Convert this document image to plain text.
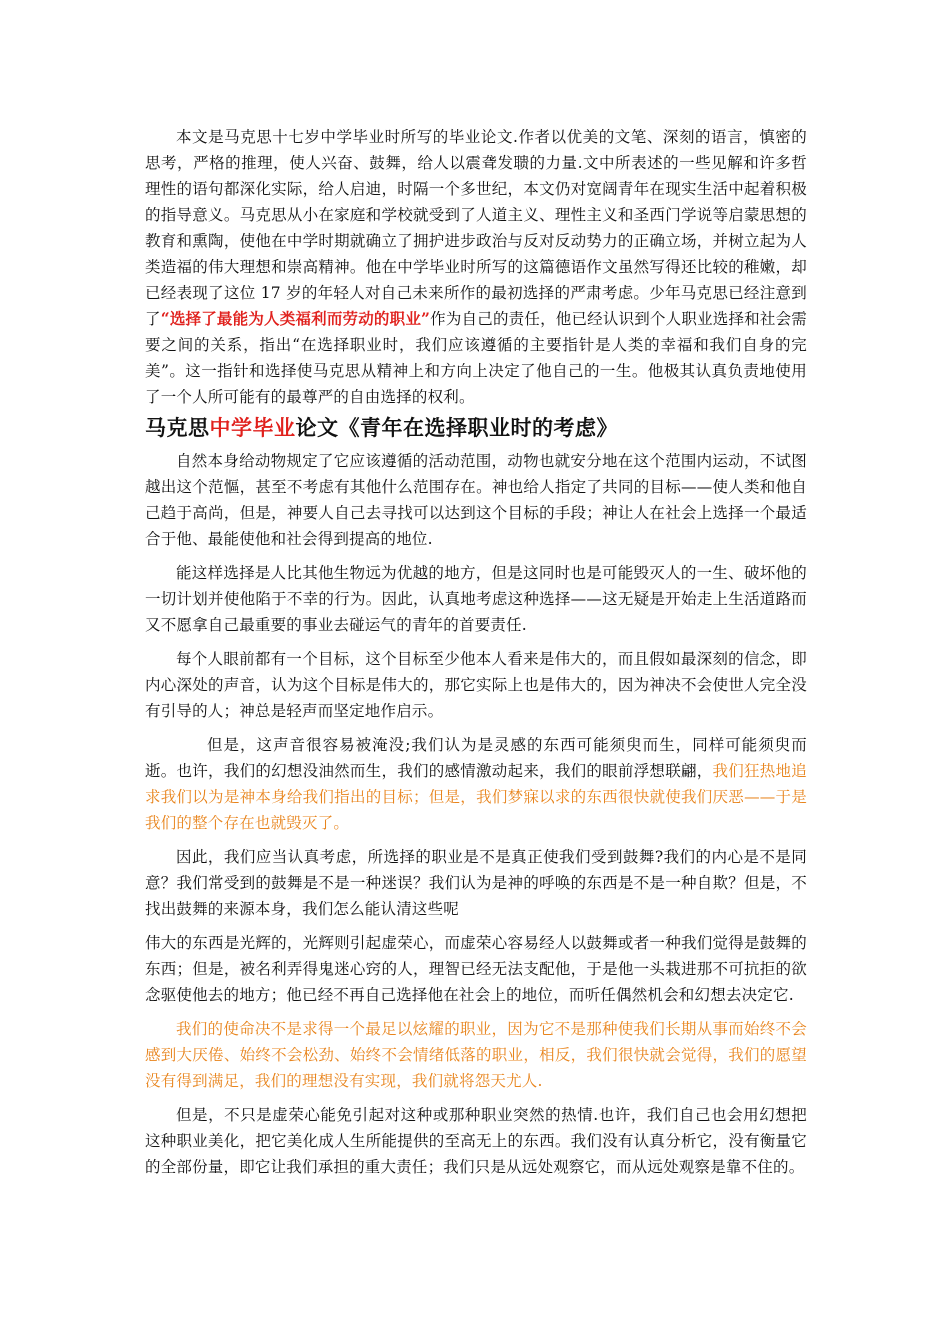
本文是马克思十七岁中学毕业时所写的毕业论文.作者以优美的文笔、深刻的语言，慎密的思考，严格的推理，使人兴奋、鼓舞，给人以震聋发聩的力量.文中所表述的一些见解和许多哲理性的语句都深化实际，给人启迪，时隔一个多世纪，本文仍对宽阔青年在现实生活中起着积极的指导意义。马克思从小在家庭和学校就受到了人道主义、理性主义和圣西门学说等启蒙思想的教育和熏陶，使他在中学时期就确立了拥护进步政治与反对反动势力的正确立场，并树立起为人类造福的伟大理想和崇高精神。他在中学毕业时所写的这篇德语作文虽然写得还比较的稚嫩，却已经表现了这位 17 岁的年轻人对自己未来所作的最初选择的严肃考虑。少年马克思已经注意到了“选择了最能为人类福利而劳动的职业”作为自己的责任，他已经认识到个人职业选择和社会需要之间的关系，指出“在选择职业时，我们应该遵循的主要指针是人类的幸福和我们自身的完美”。这一指针和选择使马克思从精神上和方向上决定了他自己的一生。他极其认真负责地使用了一个人所可能有的最尊严的自由选择的权利。

马克思中学毕业论文《青年在选择职业时的考虑》

自然本身给动物规定了它应该遵循的活动范围，动物也就安分地在这个范围内运动，不试图越出这个范慪，甚至不考虑有其他什么范围存在。神也给人指定了共同的目标——使人类和他自己趋于高尚，但是，神要人自己去寻找可以达到这个目标的手段；神让人在社会上选择一个最适合于他、最能使他和社会得到提高的地位.

能这样选择是人比其他生物远为优越的地方，但是这同时也是可能毁灭人的一生、破坏他的一切计划并使他陷于不幸的行为。因此，认真地考虑这种选择——这无疑是开始走上生活道路而又不愿拿自己最重要的事业去碰运气的青年的首要责任.

每个人眼前都有一个目标，这个目标至少他本人看来是伟大的，而且假如最深刻的信念，即内心深处的声音，认为这个目标是伟大的，那它实际上也是伟大的，因为神决不会使世人完全没有引导的人；神总是轻声而坚定地作启示。

但是，这声音很容易被淹没;我们认为是灵感的东西可能须臾而生，同样可能须臾而逝。也许，我们的幻想没油然而生，我们的感情激动起来，我们的眼前浮想联翩，我们狂热地追求我们以为是神本身给我们指出的目标；但是，我们梦寐以求的东西很快就使我们厌恶——于是我们的整个存在也就毁灭了。

因此，我们应当认真考虑，所选择的职业是不是真正使我们受到鼓舞?我们的内心是不是同意？我们常受到的鼓舞是不是一种迷误？我们认为是神的呼唤的东西是不是一种自欺？但是，不找出鼓舞的来源本身，我们怎么能认清这些呢

伟大的东西是光辉的，光辉则引起虚荣心，而虚荣心容易经人以鼓舞或者一种我们觉得是鼓舞的东西；但是，被名利弄得鬼迷心窍的人，理智已经无法支配他，于是他一头栽进那不可抗拒的欲念驱使他去的地方；他已经不再自己选择他在社会上的地位，而听任偶然机会和幻想去决定它.

我们的使命决不是求得一个最足以炫耀的职业，因为它不是那种使我们长期从事而始终不会感到大厌倦、始终不会松劲、始终不会情绪低落的职业，相反，我们很快就会觉得，我们的愿望没有得到满足，我们的理想没有实现，我们就将怨天尤人.

但是，不只是虚荣心能免引起对这种或那种职业突然的热情.也许，我们自己也会用幻想把这种职业美化，把它美化成人生所能提供的至高无上的东西。我们没有认真分析它，没有衡量它的全部份量，即它让我们承担的重大责任；我们只是从远处观察它，而从远处观察是靠不住的。
